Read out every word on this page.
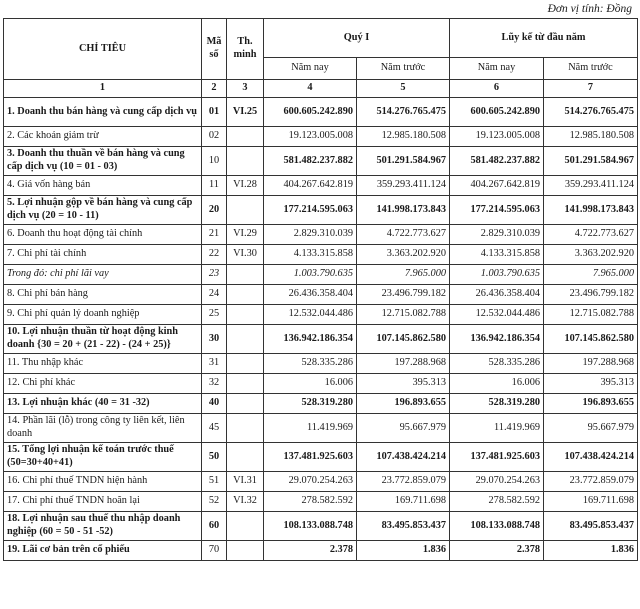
Đơn vị tính: Đồng
CHỈ TIÊU	Mã số	Th. minh	Quý I		Lũy kế từ đầu năm	
			Năm nay	Năm trước	Năm nay	Năm trước
1	2	3	4	5	6	7
1. Doanh thu bán hàng và cung cấp dịch vụ	01	VI.25	600.605.242.890	514.276.765.475	600.605.242.890	514.276.765.475
2. Các khoản giảm trừ	02		19.123.005.008	12.985.180.508	19.123.005.008	12.985.180.508
3. Doanh thu thuần về bán hàng và cung cấp dịch vụ (10 = 01 - 03)	10		581.482.237.882	501.291.584.967	581.482.237.882	501.291.584.967
4. Giá vốn hàng bán	11	VI.28	404.267.642.819	359.293.411.124	404.267.642.819	359.293.411.124
5. Lợi nhuận gộp về bán hàng và cung cấp dịch vụ (20 = 10 - 11)	20		177.214.595.063	141.998.173.843	177.214.595.063	141.998.173.843
6. Doanh thu hoạt động tài chính	21	VI.29	2.829.310.039	4.722.773.627	2.829.310.039	4.722.773.627
7. Chi phí tài chính	22	VI.30	4.133.315.858	3.363.202.920	4.133.315.858	3.363.202.920
Trong đó: chi phí lãi vay	23		1.003.790.635	7.965.000	1.003.790.635	7.965.000
8. Chi phí bán hàng	24		26.436.358.404	23.496.799.182	26.436.358.404	23.496.799.182
9. Chi phí quản lý doanh nghiệp	25		12.532.044.486	12.715.082.788	12.532.044.486	12.715.082.788
10. Lợi nhuận thuần từ hoạt động kinh doanh {30 = 20 + (21 - 22) - (24 + 25)}	30		136.942.186.354	107.145.862.580	136.942.186.354	107.145.862.580
11. Thu nhập khác	31		528.335.286	197.288.968	528.335.286	197.288.968
12. Chi phí khác	32		16.006	395.313	16.006	395.313
13. Lợi nhuận khác (40 = 31 -32)	40		528.319.280	196.893.655	528.319.280	196.893.655
14. Phần lãi (lỗ) trong công ty liên kết, liên doanh	45		11.419.969	95.667.979	11.419.969	95.667.979
15. Tổng lợi nhuận kế toán trước thuế (50=30+40+41)	50		137.481.925.603	107.438.424.214	137.481.925.603	107.438.424.214
16. Chi phí thuế TNDN hiện hành	51	VI.31	29.070.254.263	23.772.859.079	29.070.254.263	23.772.859.079
17. Chi phí thuế TNDN hoãn lại	52	VI.32	278.582.592	169.711.698	278.582.592	169.711.698
18. Lợi nhuận sau thuế thu nhập doanh nghiệp (60 = 50 - 51 -52)	60		108.133.088.748	83.495.853.437	108.133.088.748	83.495.853.437
19. Lãi cơ bản trên cổ phiếu	70		2.378	1.836	2.378	1.836
